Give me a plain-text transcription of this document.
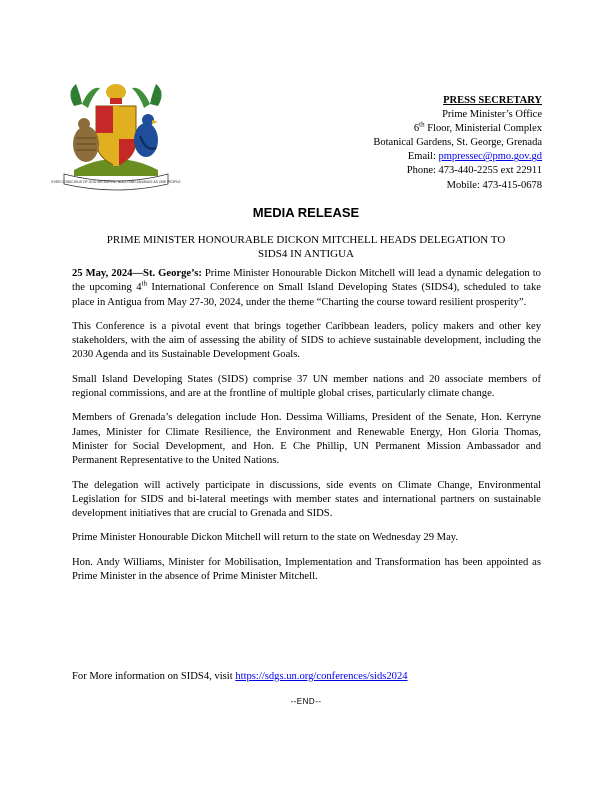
EVER CONSCIOUS OF GOD WE ASPIRE, BUILD AND ADVANCE AS ONE PEOPLE
PRESS SECRETARY
Prime Minister’s Office
6th Floor, Ministerial Complex
Botanical Gardens, St. George, Grenada
Email: pmpressec@pmo.gov.gd
Phone: 473-440-2255 ext 22911
Mobile: 473-415-0678
MEDIA RELEASE
PRIME MINISTER HONOURABLE DICKON MITCHELL HEADS DELEGATION TO
SIDS4 IN ANTIGUA

25 May, 2024—St. George’s: Prime Minister Honourable Dickon Mitchell will lead a dynamic delegation to the upcoming 4th International Conference on Small Island Developing States (SIDS4), scheduled to take place in Antigua from May 27-30, 2024, under the theme “Charting the course toward resilient prosperity”.

This Conference is a pivotal event that brings together Caribbean leaders, policy makers and other key stakeholders, with the aim of assessing the ability of SIDS to achieve sustainable development, including the 2030 Agenda and its Sustainable Development Goals.

Small Island Developing States (SIDS) comprise 37 UN member nations and 20 associate members of regional commissions, and are at the frontline of multiple global crises, particularly climate change.

Members of Grenada’s delegation include Hon. Dessima Williams, President of the Senate, Hon. Kerryne James, Minister for Climate Resilience, the Environment and Renewable Energy, Hon Gloria Thomas, Minister for Social Development, and Hon. E Che Phillip, UN Permanent Mission Ambassador and Permanent Representative to the United Nations.

The delegation will actively participate in discussions, side events on Climate Change, Environmental Legislation for SIDS and bi-lateral meetings with member states and international partners on sustainable development initiatives that are crucial to Grenada and SIDS.

Prime Minister Honourable Dickon Mitchell will return to the state on Wednesday 29 May.

Hon. Andy Williams, Minister for Mobilisation, Implementation and Transformation has been appointed as Prime Minister in the absence of Prime Minister Mitchell.

For More information on SIDS4, visit https://sdgs.un.org/conferences/sids2024
--END--
